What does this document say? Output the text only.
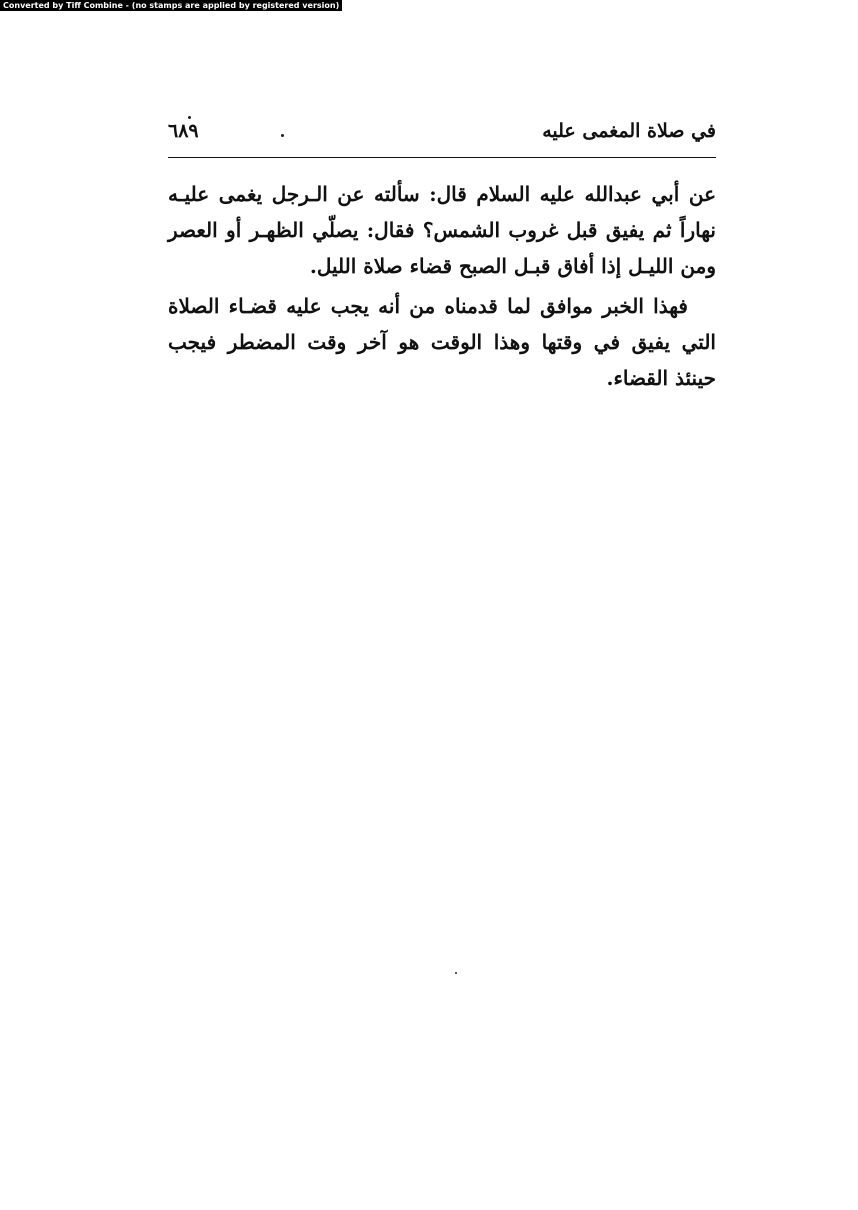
Converted by Tiff Combine - (no stamps are applied by registered version)
في صلاة المغمى عليه
٦٨٩

عن أبي عبدالله عليه السلام قال: سألته عن الـرجل يغمى عليـه نهاراً ثم يفيق قبل غروب الشمس؟ فقال: يصلّي الظهـر أو العصر ومن الليـل إذا أفاق قبـل الصبح قضاء صلاة الليل.

فهذا الخبر موافق لما قدمناه من أنه يجب عليه قضـاء الصلاة التي يفيق في وقتها وهذا الوقت هو آخر وقت المضطر فيجب حينئذ القضاء.
